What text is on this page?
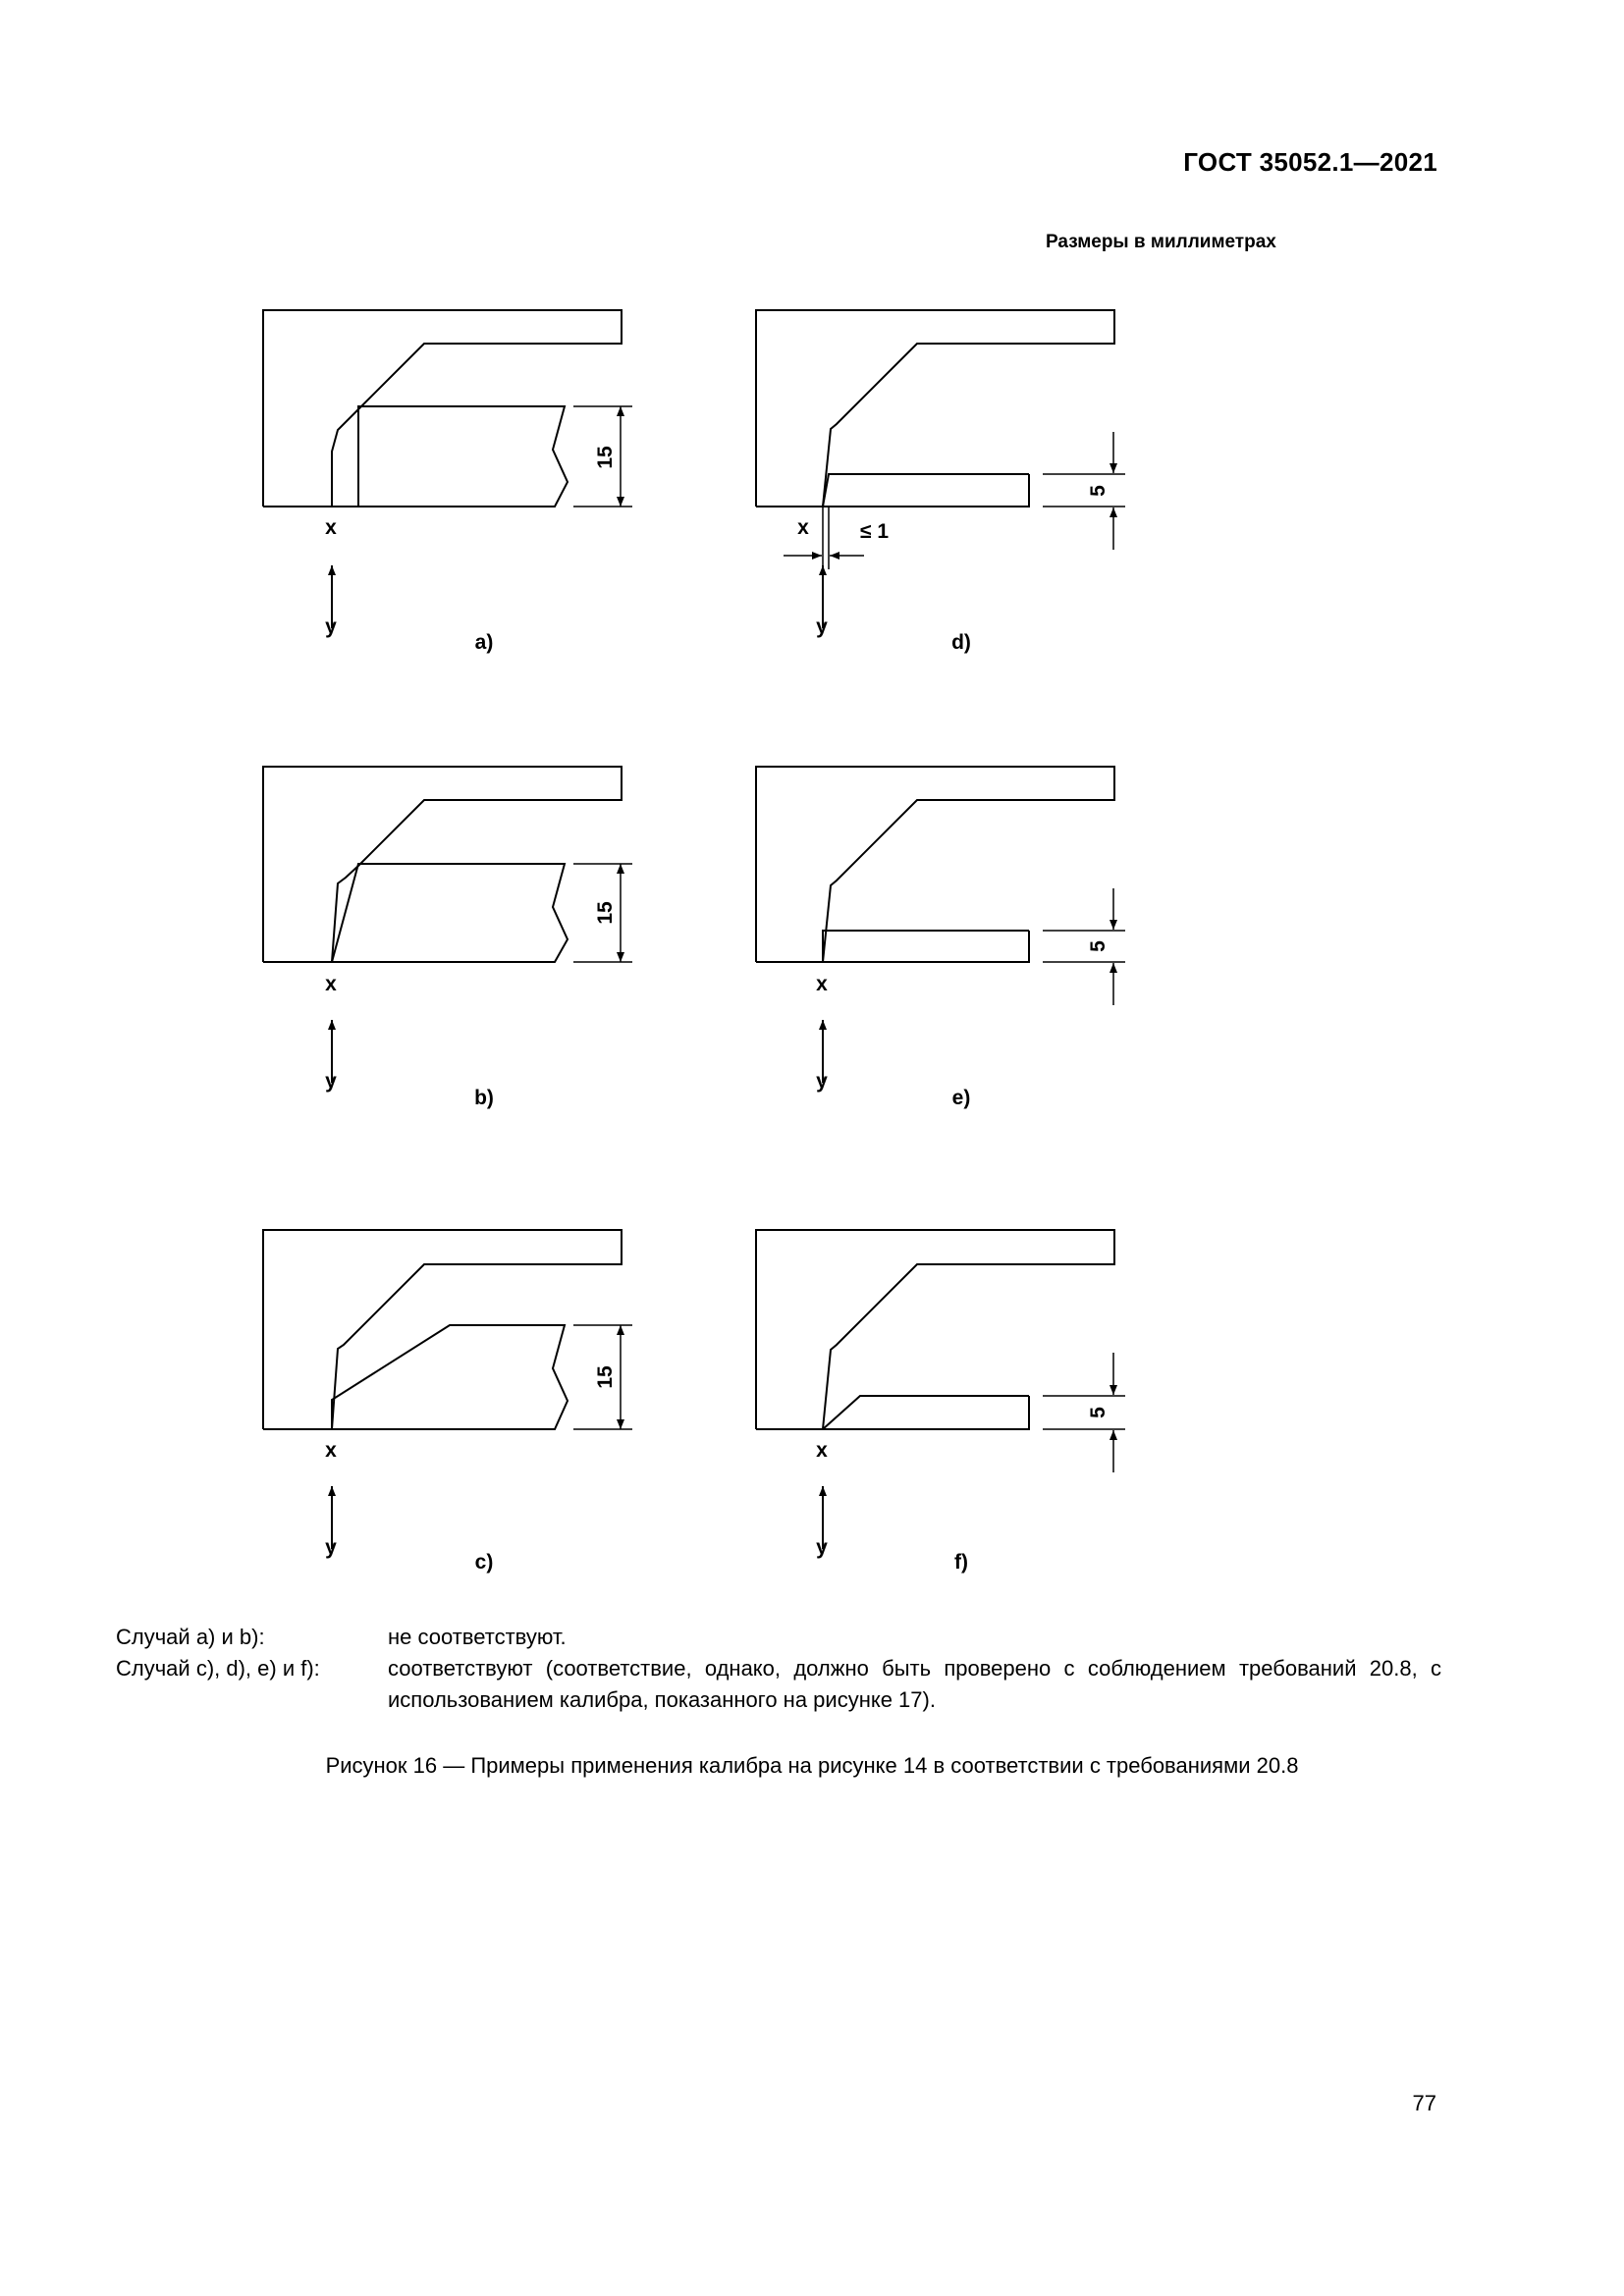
ГОСТ 35052.1—2021
Размеры в миллиметрах
x
y
a)
15
x
y
b)
15
x
y
c)
15
x ≤ 1
y
d)
5
x
y
e)
5
x
y
f)
5
Случай a) и b):	не соответствуют.
Случай c), d), e) и f):	соответствуют (соответствие, однако, должно быть проверено с соблюдением требований 20.8, с использованием калибра, показанного на рисунке 17).
Рисунок 16 — Примеры применения калибра на рисунке 14 в соответствии с требованиями 20.8
77
